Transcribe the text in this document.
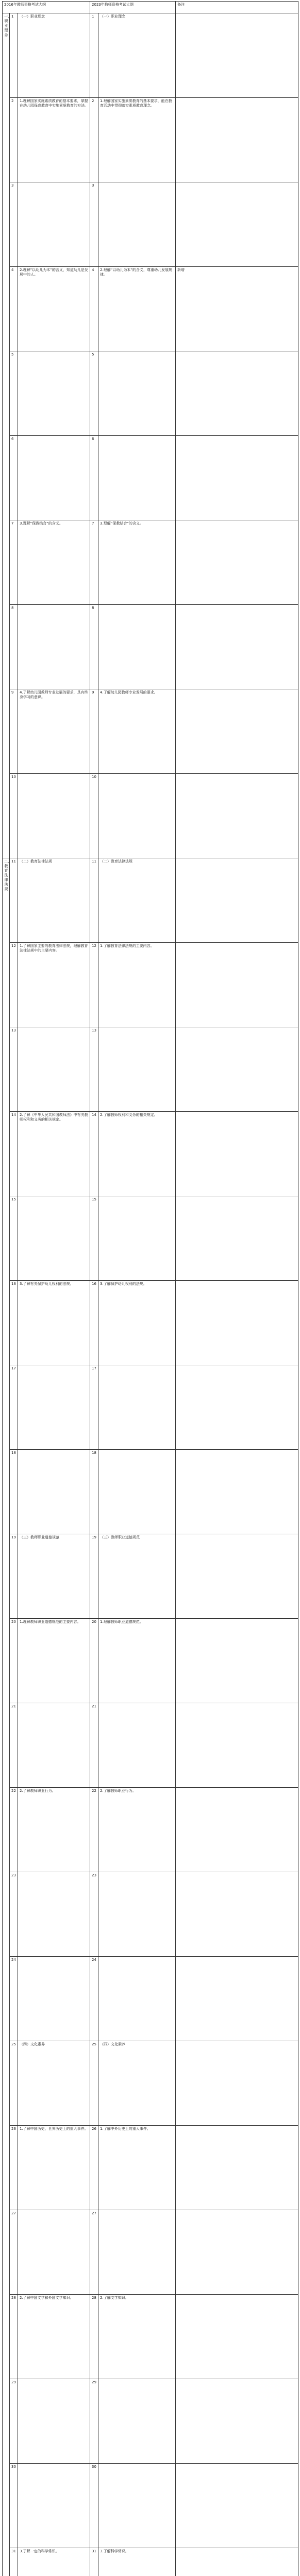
2016年教师资格考试大纲			2023年教师资格考试大纲		备注
一、职业理念	1	（一）职业理念	1	（一）职业理念	
	2	1.理解国家实施素质教育的基本要求，掌握在幼儿园保育教育中实施素质教育的方法。	2	1.理解国家实施素质教育的基本要求，能在教育活动中贯彻落实素质教育理念。	
	3		3		
	4	2.理解“以幼儿为本”的含义，知道幼儿是发展中的人。	4	2.理解“以幼儿为本”的含义，尊重幼儿发展规律。	新增
	5		5		
	6		6		
	7	3.理解“保教结合”的含义。	7	3.理解“保教结合”的含义。	
	8		8		
	9	4.了解幼儿园教师专业发展的要求，具有终身学习的意识。	9	4.了解幼儿园教师专业发展的要求。	
	10		10		
二、教育法律法规	11	（二）教育法律法规	11	（二）教育法律法规	
	12	1.了解国家主要的教育法律法规，理解教育法律法规中的主要内容。	12	1.了解教育法律法规的主要内容。	
	13		13		
	14	2.了解《中华人民共和国教师法》中有关教师权利和义务的相关规定。	14	2.了解教师权利和义务的相关规定。	
	15		15		
	16	3.了解有关保护幼儿权利的法规。	16	3.了解保护幼儿权利的法规。	
	17		17		
	18		18		
	19	（三）教师职业道德规范	19	（三）教师职业道德规范	
	20	1.理解教师职业道德规范的主要内容。	20	1.理解教师职业道德规范。	
	21		21		
	22	2.了解教师职业行为。	22	2.了解教师职业行为。	
	23		23		
	24		24		
	25	（四）文化素养	25	（四）文化素养	
	26	1.了解中国历史、世界历史上的重大事件。	26	1.了解中外历史上的重大事件。	
	27		27		
	28	2.了解中国文学和外国文学知识。	28	2.了解文学知识。	
	29		29		
	30		30		
	31	3.了解一定的科学常识。	31	3.了解科学常识。	
